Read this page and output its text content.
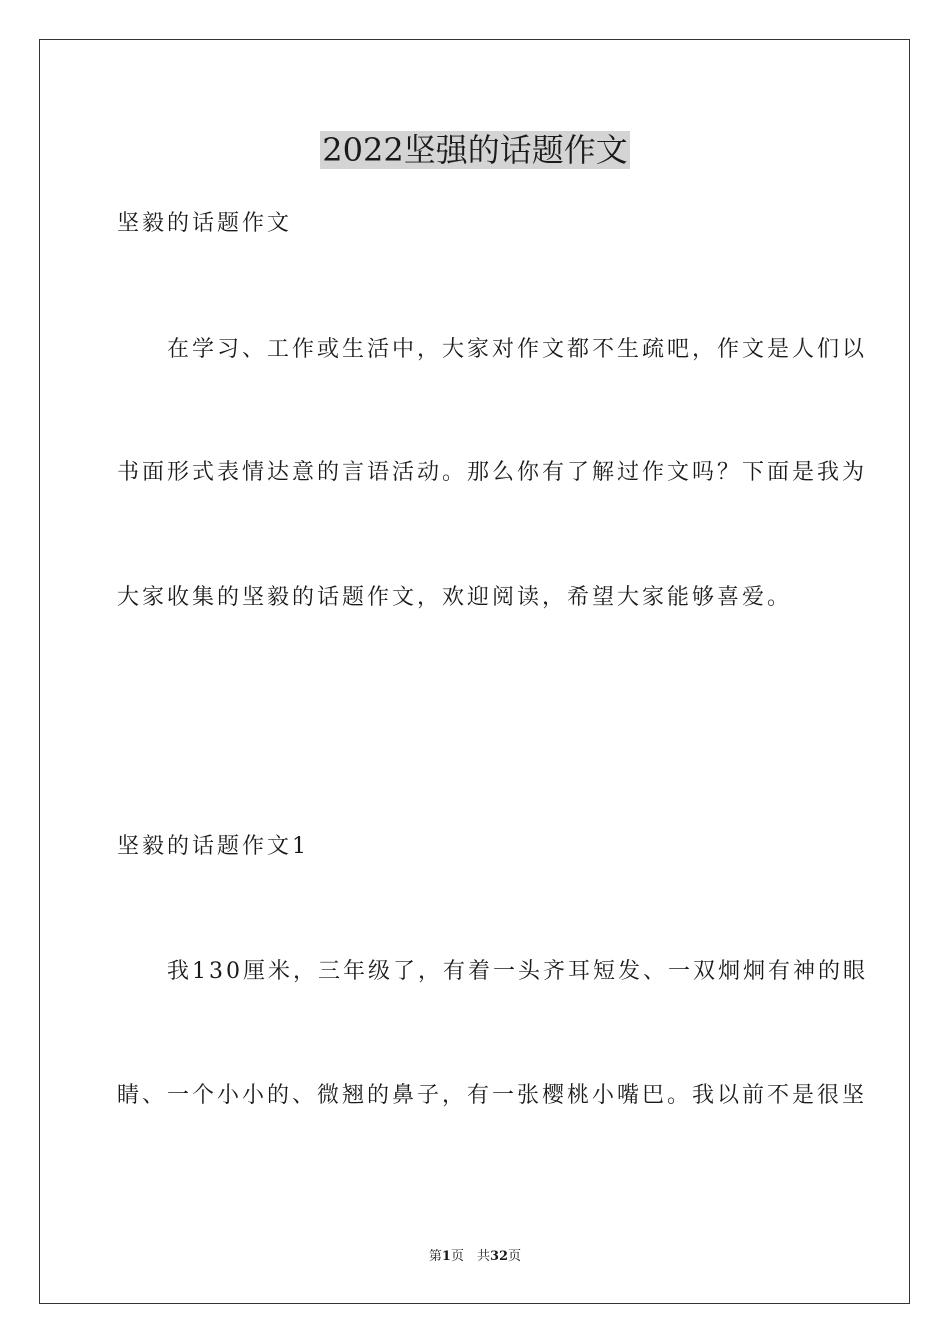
2022坚强的话题作文
坚毅的话题作文
　　在学习、工作或生活中，大家对作文都不生疏吧，作文是人们以
书面形式表情达意的言语活动。那么你有了解过作文吗？下面是我为
大家收集的坚毅的话题作文，欢迎阅读，希望大家能够喜爱。
坚毅的话题作文1
　　我130厘米，三年级了，有着一头齐耳短发、一双炯炯有神的眼
睛、一个小小的、微翘的鼻子，有一张樱桃小嘴巴。我以前不是很坚
第1页　共32页
